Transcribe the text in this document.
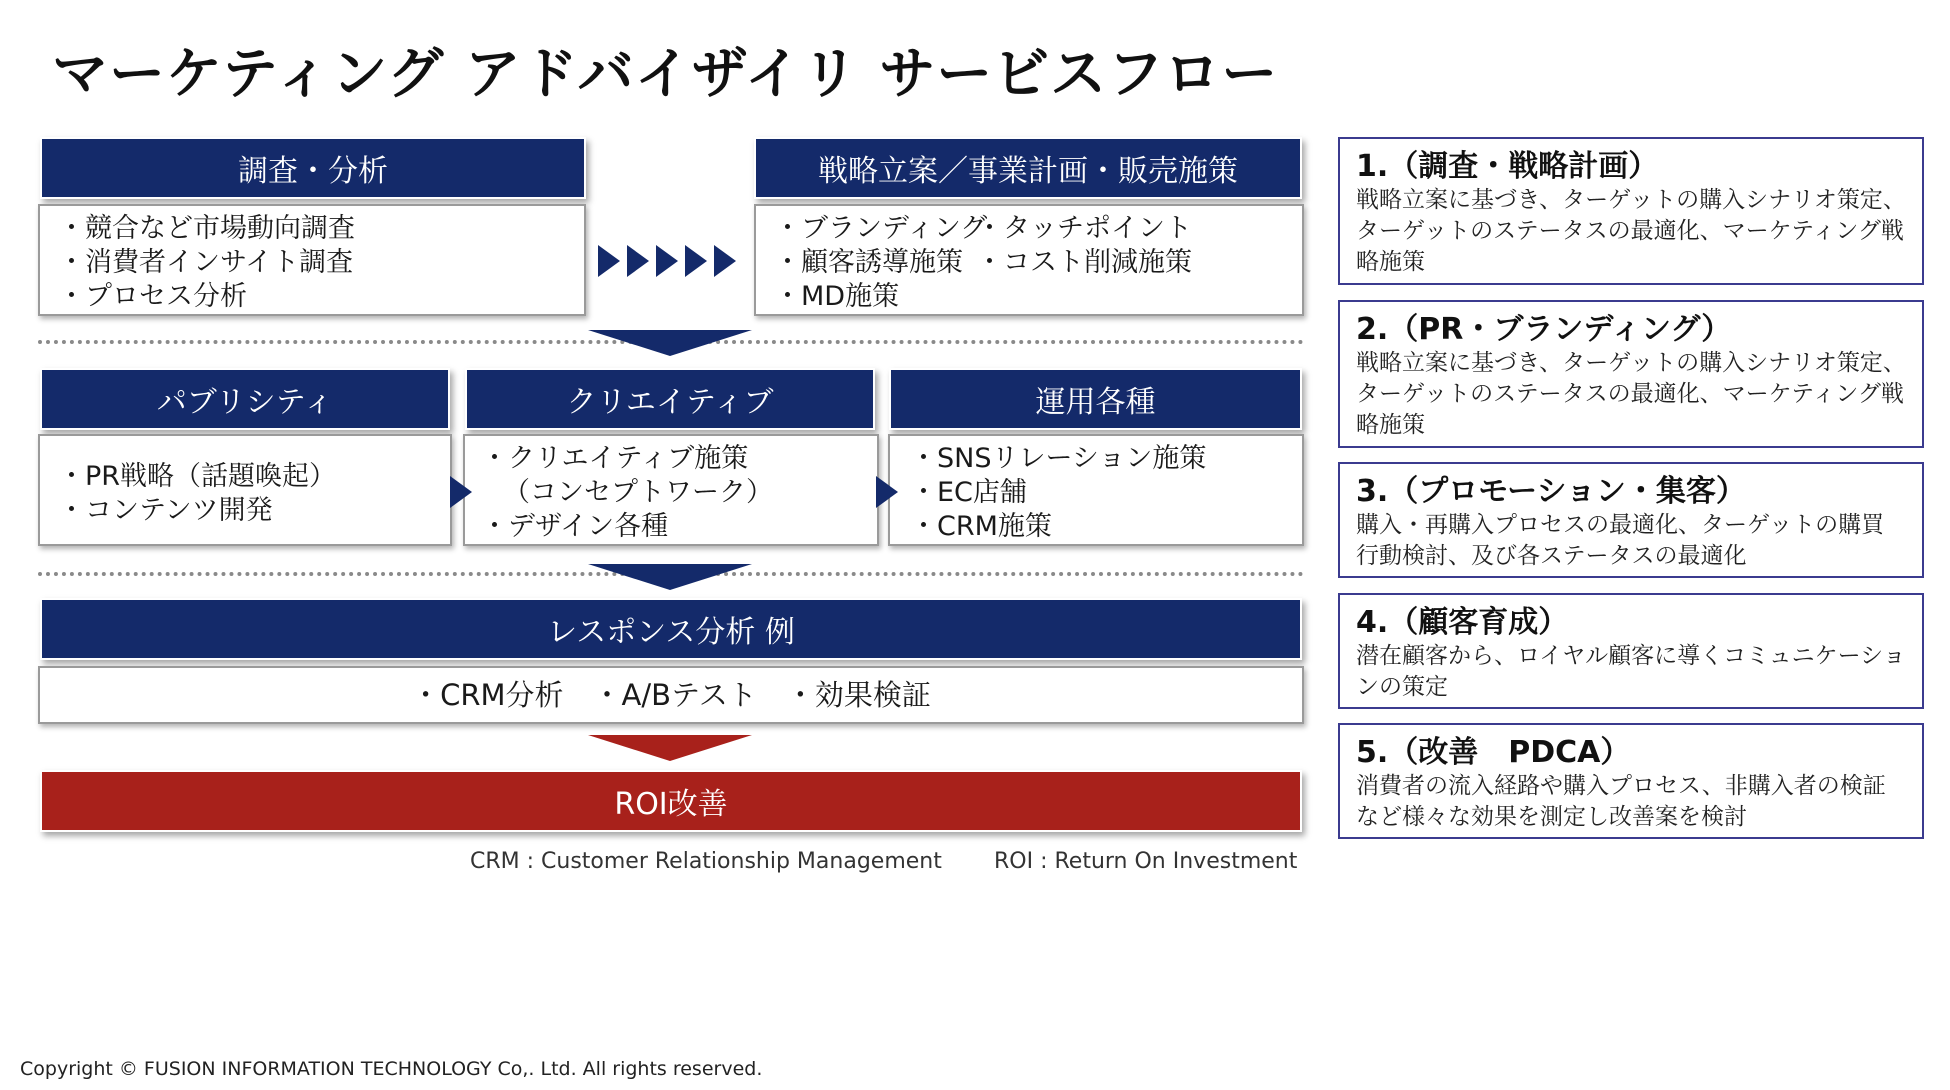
マーケティング アドバイザイリ サービスフロー
調査・分析
・競合など市場動向調査
・消費者インサイト調査
・プロセス分析
戦略立案／事業計画・販売施策
・ブランディング
・顧客誘導施策
・MD施策
・タッチポイント
・コスト削減施策
パブリシティ	クリエイティブ	運用各種
・PR戦略（話題喚起）
・コンテンツ開発
・クリエイティブ施策
（コンセプトワーク）
・デザイン各種
・SNSリレーション施策
・EC店舗
・CRM施策
レスポンス分析 例
・CRM分析　・A/Bテスト　・効果検証
ROI改善
CRM : Customer Relationship Management ROI : Return On Investment
1.（調査・戦略計画）
戦略立案に基づき、ターゲットの購入シナリオ策定、ターゲットのステータスの最適化、マーケティング戦略施策
2.（PR・ブランディング）
戦略立案に基づき、ターゲットの購入シナリオ策定、ターゲットのステータスの最適化、マーケティング戦略施策
3.（プロモーション・集客）
購入・再購入プロセスの最適化、ターゲットの購買行動検討、及び各ステータスの最適化
4.（顧客育成）
潜在顧客から、ロイヤル顧客に導くコミュニケーションの策定
5.（改善　PDCA）
消費者の流入経路や購入プロセス、非購入者の検証など様々な効果を測定し改善案を検討
Copyright © FUSION INFORMATION TECHNOLOGY Co,. Ltd. All rights reserved.
